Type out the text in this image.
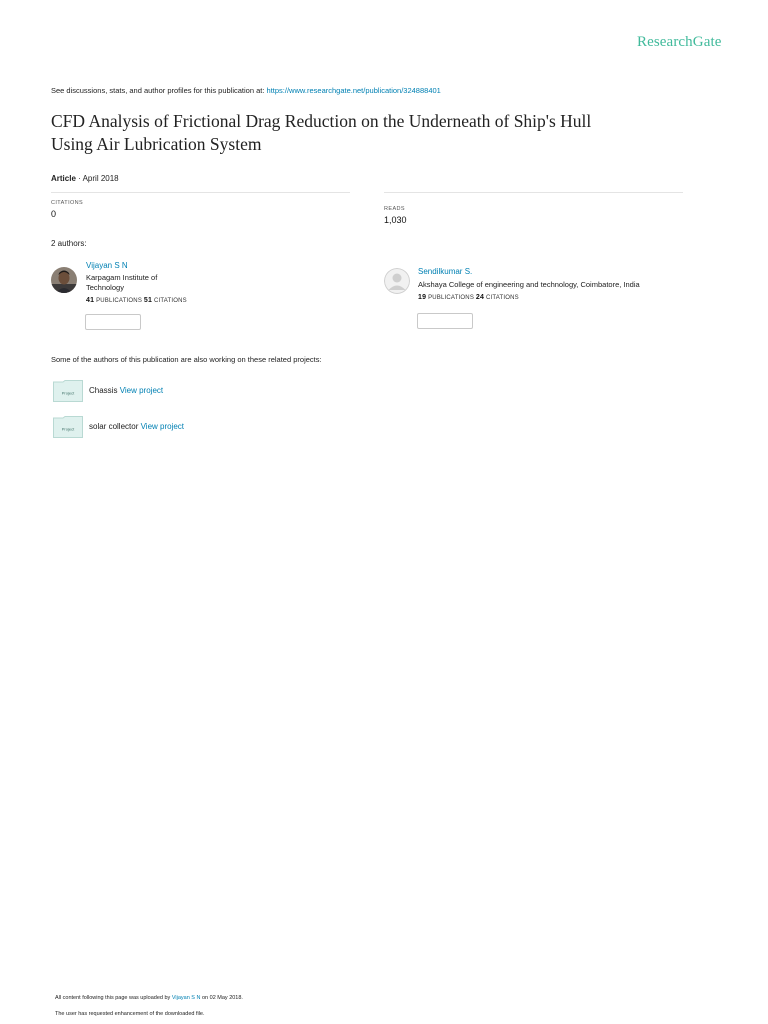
ResearchGate
See discussions, stats, and author profiles for this publication at: https://www.researchgate.net/publication/324888401
CFD Analysis of Frictional Drag Reduction on the Underneath of Ship's Hull
Using Air Lubrication System
Article · April 2018
CITATIONS
0	READS
1,030
2 authors:
Vijayan S N
Karpagam Institute of
Technology
41 PUBLICATIONS 51 CITATIONS
Sendilkumar S.
Akshaya College of engineering and technology, Coimbatore, India
19 PUBLICATIONS 24 CITATIONS
Some of the authors of this publication are also working on these related projects:
Project Chassis View project
Project solar collector View project
All content following this page was uploaded by Vijayan S N on 02 May 2018.
The user has requested enhancement of the downloaded file.
